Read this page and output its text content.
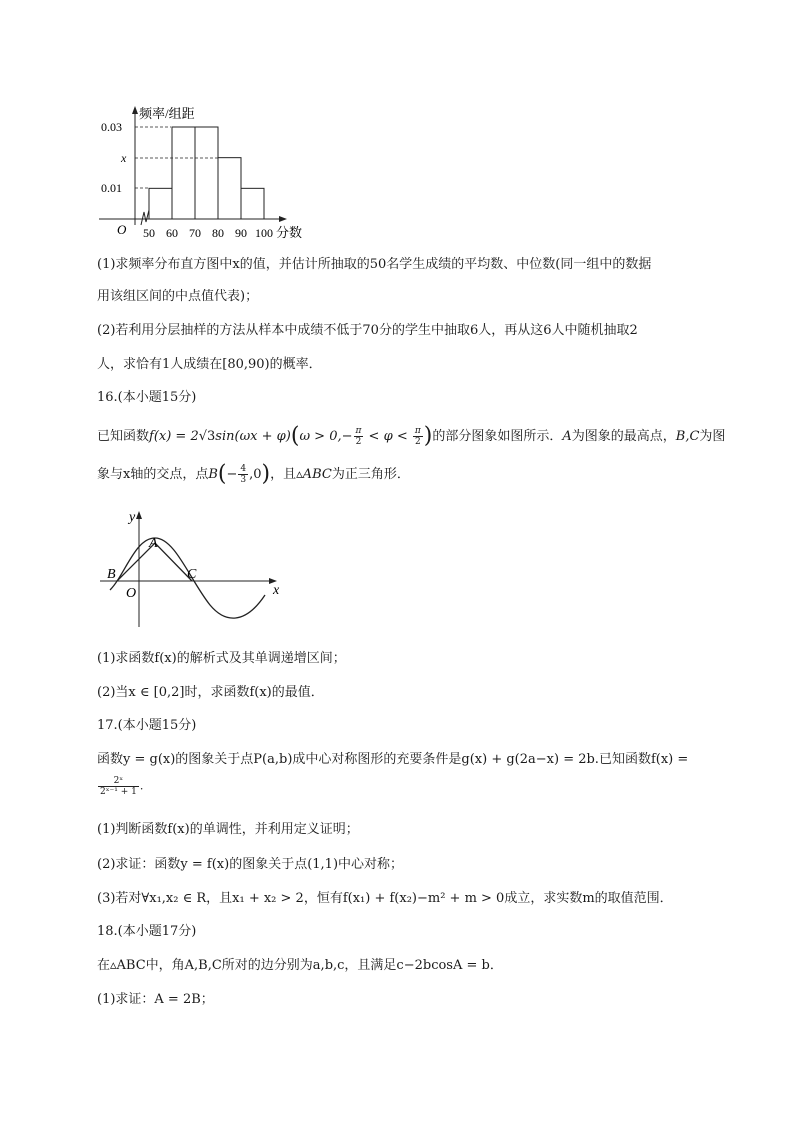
频率/组距
0.03
x
0.01
O 50 60 70 80 90 100 分数
(1)求频率分布直方图中x的值，并估计所抽取的50名学生成绩的平均数、中位数(同一组中的数据
用该组区间的中点值代表)；
(2)若利用分层抽样的方法从样本中成绩不低于70分的学生中抽取6人，再从这6人中随机抽取2
人，求恰有1人成绩在[80,90)的概率．
16.(本小题15分)
已知函数$f(x) = 2√3\sin(\omega x + \varphi)(\omega > 0,- \frac{\pi}{2} < \varphi < \frac{\pi}{2}$ )的部分图象如图所示．A为图象的最高点，B,C为图
象与x轴的交点，点$B(- \frac{4}{3} ,0)$，且▵ABC为正三角形．
y
A
B	C
O	x
(1)求函数f(x)的解析式及其单调递增区间；
(2)当x ∈ [0,2]时，求函数f(x)的最值．
17.(本小题15分)
函数y = g(x)的图象关于点P(a,b)成中心对称图形的充要条件是g(x) + g(2a−x) = 2b.已知函数f(x) =
$\frac{\text{2ˣ}}{\text{2ˣ⁻¹ + 1}}$ .
(1)判断函数f(x)的单调性，并利用定义证明；
(2)求证：函数y = f(x)的图象关于点(1,1)中心对称；
(3)若对∀x₁,x₂ ∈ R，且x₁ + x₂ > 2，恒有f(x₁) + f(x₂)−m² + m > 0成立，求实数m的取值范围．
18.(本小题17分)
在▵ABC中，角A,B,C所对的边分别为a,b,c，且满足c−2bcosA = b．
(1)求证：A = 2B；
